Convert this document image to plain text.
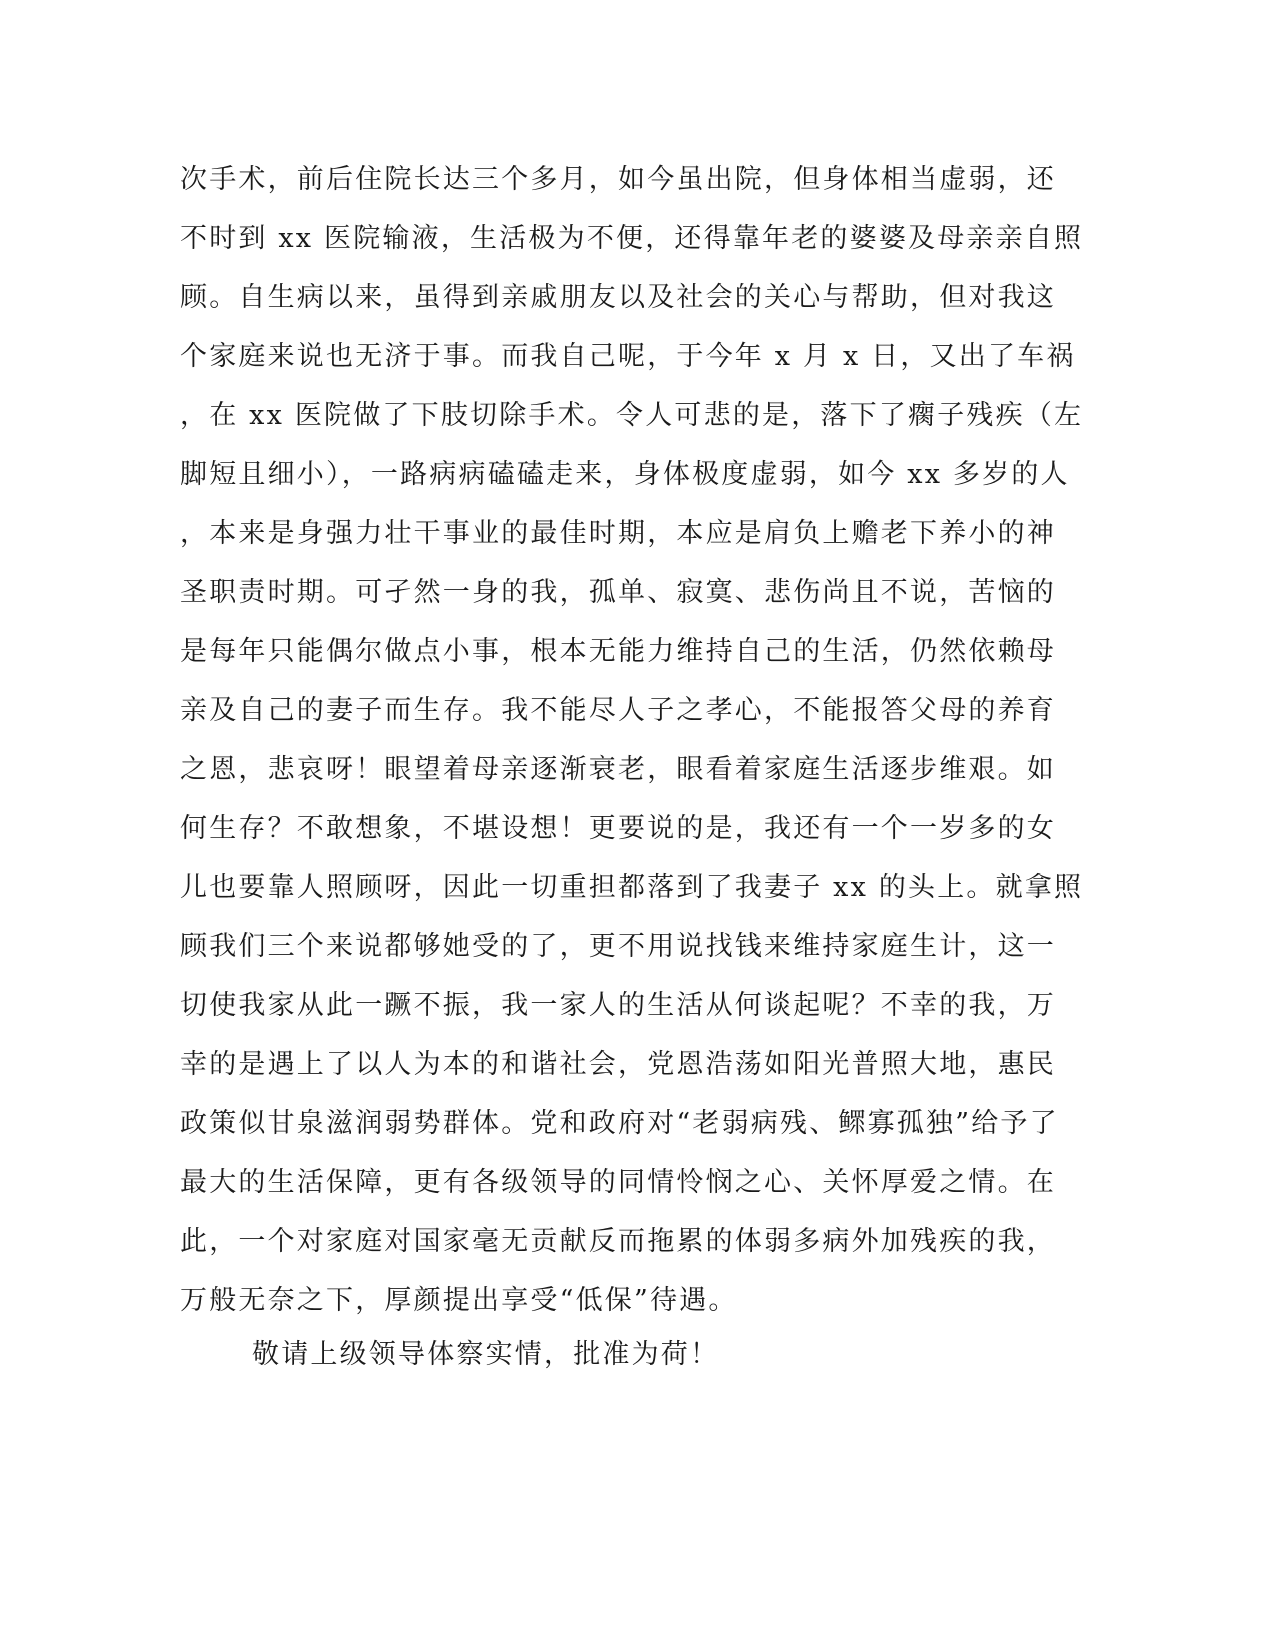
次手术，前后住院长达三个多月，如今虽出院，但身体相当虚弱，还
不时到 xx 医院输液，生活极为不便，还得靠年老的婆婆及母亲亲自照
顾。自生病以来，虽得到亲戚朋友以及社会的关心与帮助，但对我这
个家庭来说也无济于事。而我自己呢，于今年 x 月 x 日，又出了车祸
，在 xx 医院做了下肢切除手术。令人可悲的是，落下了瘸子残疾（左
脚短且细小），一路病病磕磕走来，身体极度虚弱，如今 xx 多岁的人
，本来是身强力壮干事业的最佳时期，本应是肩负上赡老下养小的神
圣职责时期。可孑然一身的我，孤单、寂寞、悲伤尚且不说，苦恼的
是每年只能偶尔做点小事，根本无能力维持自己的生活，仍然依赖母
亲及自己的妻子而生存。我不能尽人子之孝心，不能报答父母的养育
之恩，悲哀呀！眼望着母亲逐渐衰老，眼看着家庭生活逐步维艰。如
何生存？不敢想象，不堪设想！更要说的是，我还有一个一岁多的女
儿也要靠人照顾呀，因此一切重担都落到了我妻子 xx 的头上。就拿照
顾我们三个来说都够她受的了，更不用说找钱来维持家庭生计，这一
切使我家从此一蹶不振，我一家人的生活从何谈起呢？不幸的我，万
幸的是遇上了以人为本的和谐社会，党恩浩荡如阳光普照大地，惠民
政策似甘泉滋润弱势群体。党和政府对“老弱病残、鳏寡孤独”给予了
最大的生活保障，更有各级领导的同情怜悯之心、关怀厚爱之情。在
此，一个对家庭对国家毫无贡献反而拖累的体弱多病外加残疾的我，
万般无奈之下，厚颜提出享受“低保”待遇。
敬请上级领导体察实情，批准为荷！
